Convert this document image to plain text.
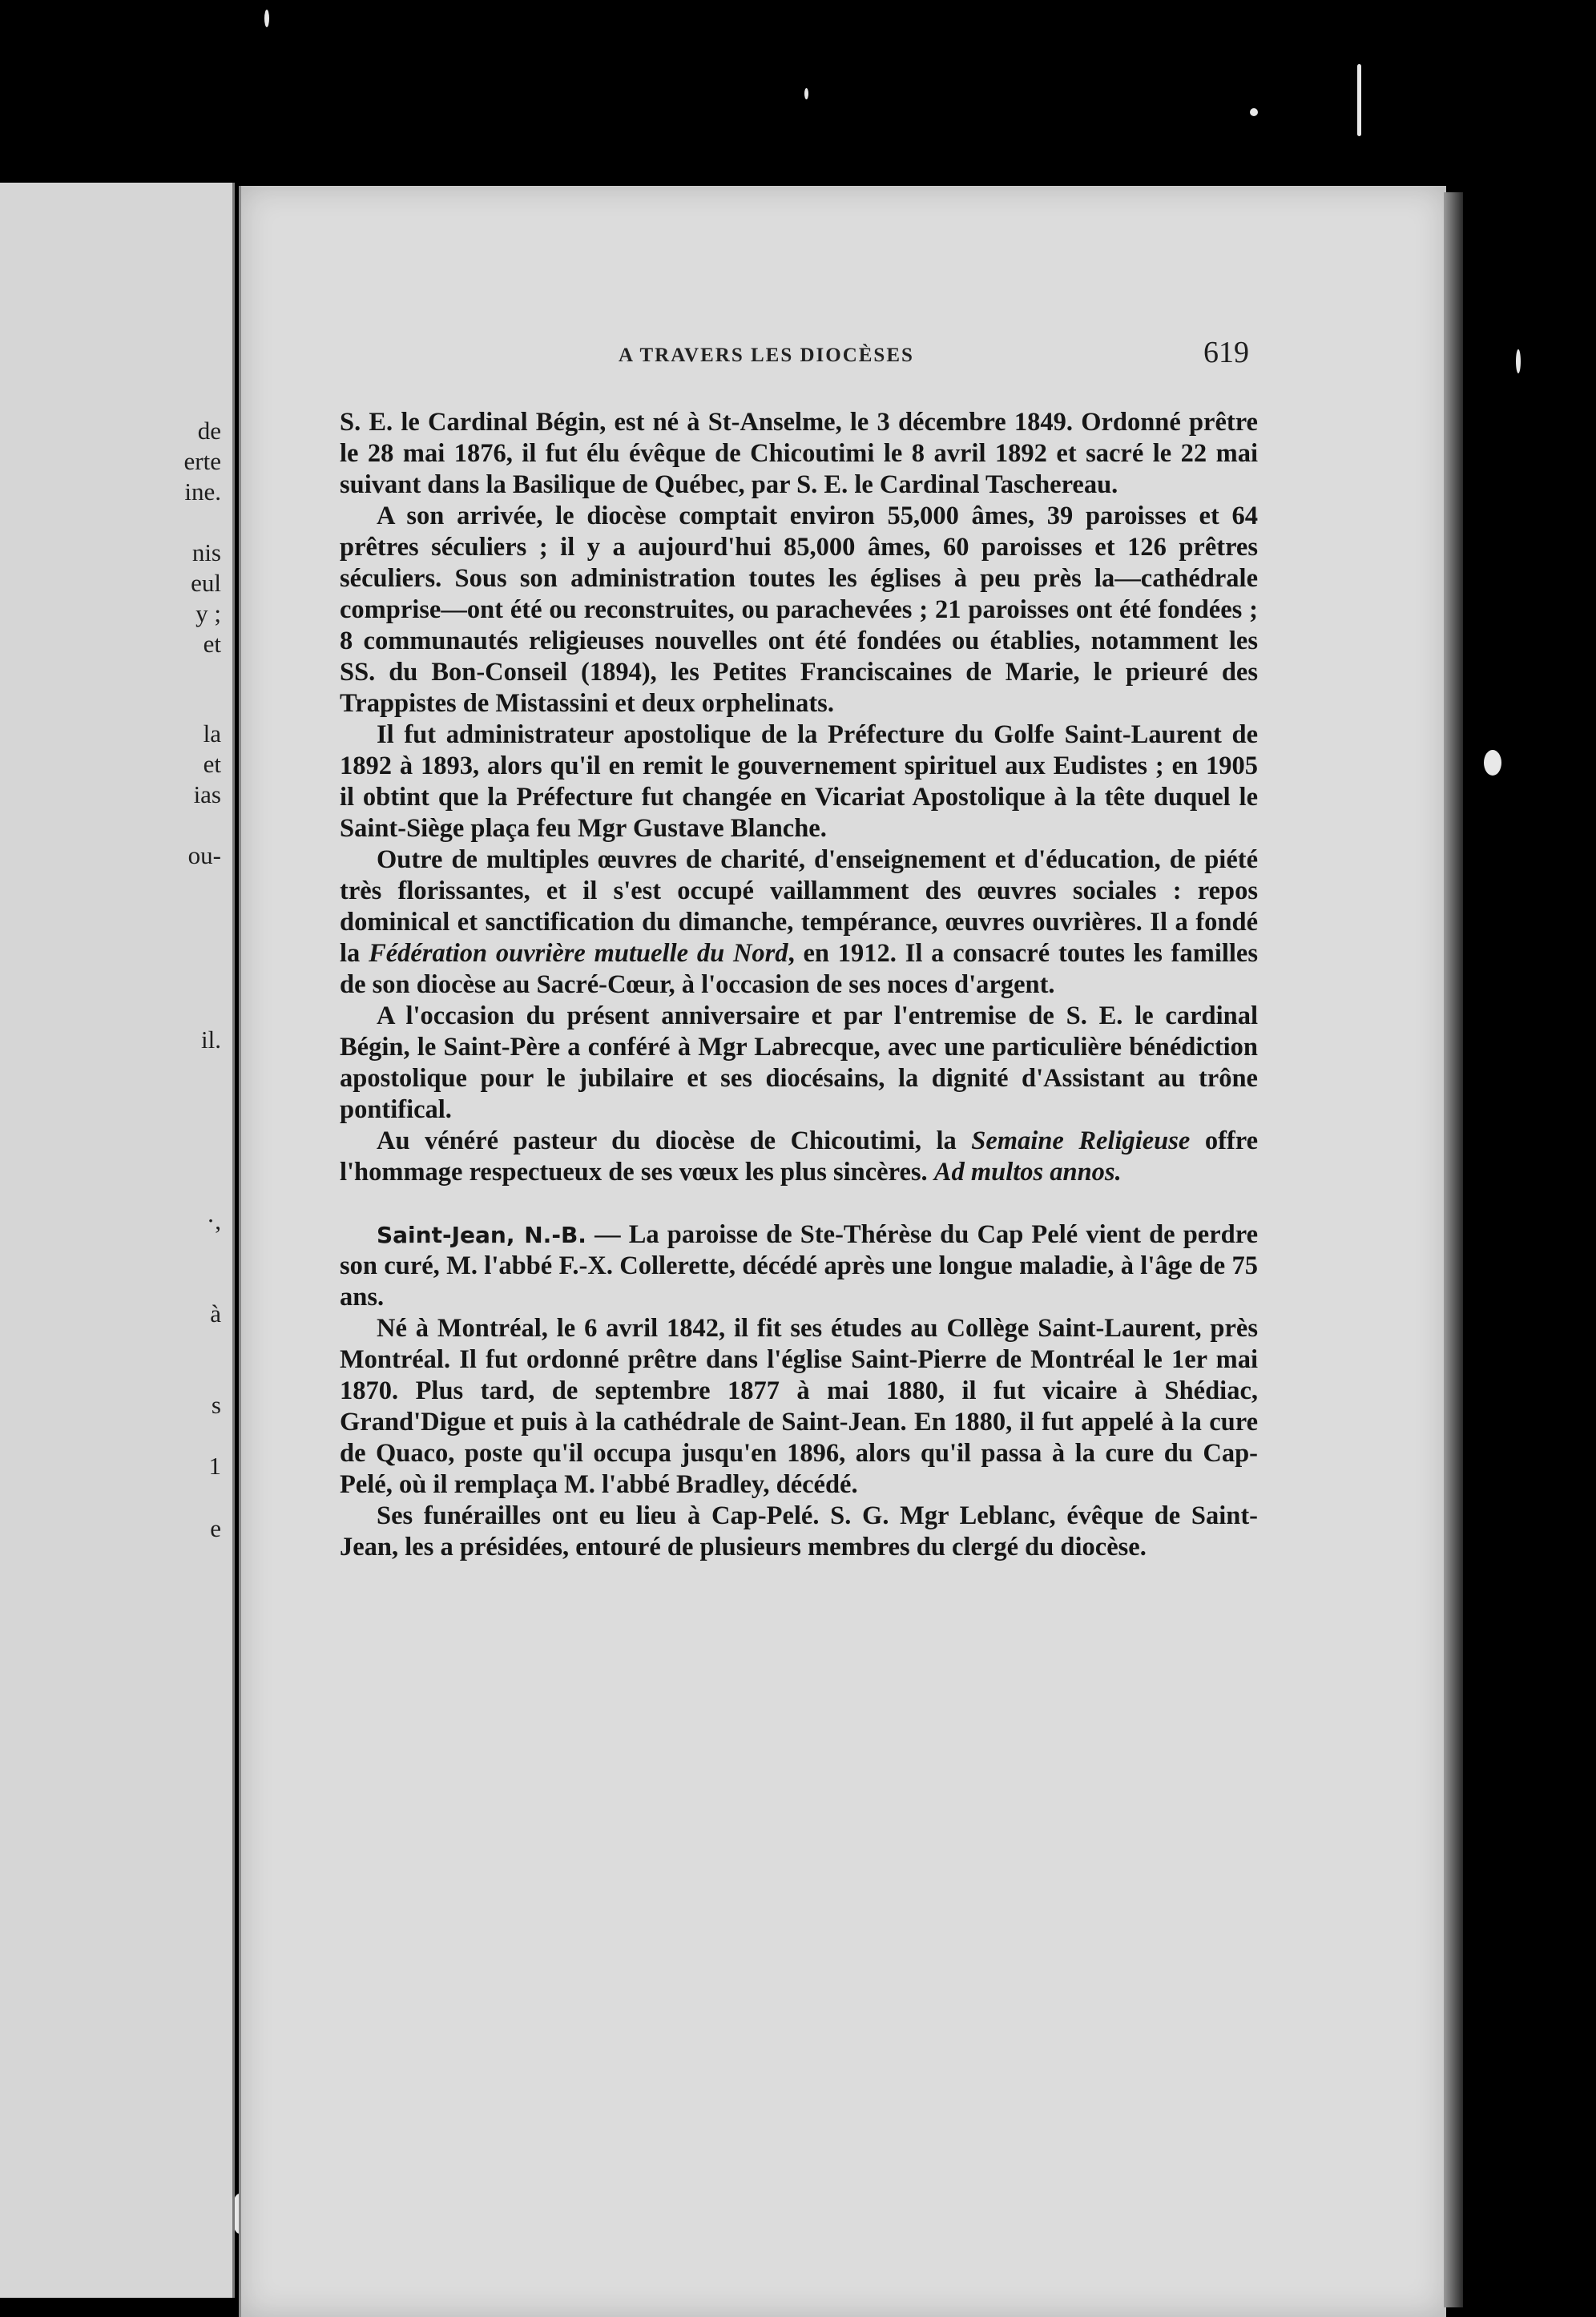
de
erte
ine.
nis
eul
y ;
et
la
et
ias
ou-
il.
·,
à
s
1
e
A TRAVERS LES DIOCÈSES	619

S. E. le Cardinal Bégin, est né à St-Anselme, le 3 décembre 1849. Ordonné prêtre le 28 mai 1876, il fut élu évêque de Chicoutimi le 8 avril 1892 et sacré le 22 mai suivant dans la Basilique de Québec, par S. E. le Cardinal Taschereau.

A son arrivée, le diocèse comptait environ 55,000 âmes, 39 paroisses et 64 prêtres séculiers ; il y a aujourd'hui 85,000 âmes, 60 paroisses et 126 prêtres séculiers. Sous son administration toutes les églises à peu près la—cathédrale comprise—ont été ou reconstruites, ou parachevées ; 21 paroisses ont été fondées ; 8 communautés religieuses nouvelles ont été fondées ou établies, notamment les SS. du Bon-Conseil (1894), les Petites Franciscaines de Marie, le prieuré des Trappistes de Mistassini et deux orphelinats.

Il fut administrateur apostolique de la Préfecture du Golfe Saint-Laurent de 1892 à 1893, alors qu'il en remit le gouvernement spirituel aux Eudistes ; en 1905 il obtint que la Préfecture fut changée en Vicariat Apostolique à la tête duquel le Saint-Siège plaça feu Mgr Gustave Blanche.

Outre de multiples œuvres de charité, d'enseignement et d'éducation, de piété très florissantes, et il s'est occupé vaillamment des œuvres sociales : repos dominical et sanctification du dimanche, tempérance, œuvres ouvrières. Il a fondé la Fédération ouvrière mutuelle du Nord, en 1912. Il a consacré toutes les familles de son diocèse au Sacré-Cœur, à l'occasion de ses noces d'argent.

A l'occasion du présent anniversaire et par l'entremise de S. E. le cardinal Bégin, le Saint-Père a conféré à Mgr Labrecque, avec une particulière bénédiction apostolique pour le jubilaire et ses diocésains, la dignité d'Assistant au trône pontifical.

Au vénéré pasteur du diocèse de Chicoutimi, la Semaine Religieuse offre l'hommage respectueux de ses vœux les plus sincères. Ad multos annos.

Saint-Jean, N.-B. — La paroisse de Ste-Thérèse du Cap Pelé vient de perdre son curé, M. l'abbé F.-X. Collerette, décédé après une longue maladie, à l'âge de 75 ans.

Né à Montréal, le 6 avril 1842, il fit ses études au Collège Saint-Laurent, près Montréal. Il fut ordonné prêtre dans l'église Saint-Pierre de Montréal le 1er mai 1870. Plus tard, de septembre 1877 à mai 1880, il fut vicaire à Shédiac, Grand'Digue et puis à la cathédrale de Saint-Jean. En 1880, il fut appelé à la cure de Quaco, poste qu'il occupa jusqu'en 1896, alors qu'il passa à la cure du Cap-Pelé, où il remplaça M. l'abbé Bradley, décédé.

Ses funérailles ont eu lieu à Cap-Pelé. S. G. Mgr Leblanc, évêque de Saint-Jean, les a présidées, entouré de plusieurs membres du clergé du diocèse.
